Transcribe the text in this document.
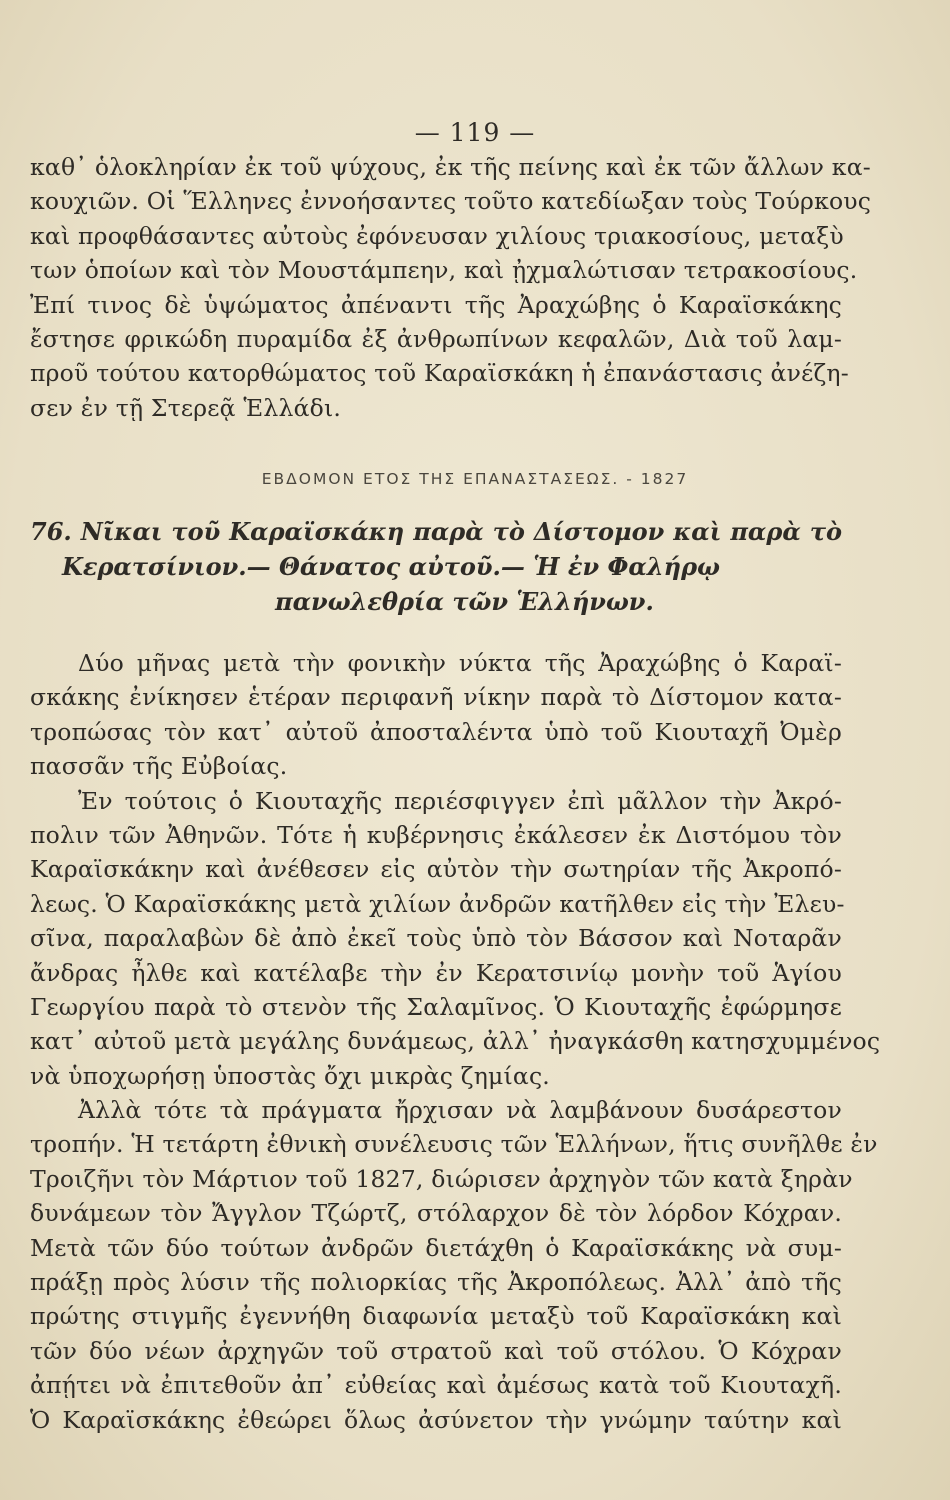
— 119 —
καθ᾽ ὁλοκληρίαν ἐκ τοῦ ψύχους, ἐκ τῆς πείνης καὶ ἐκ τῶν ἄλλων κα-
κουχιῶν. Οἱ Ἕλληνες ἐννοήσαντες τοῦτο κατεδίωξαν τοὺς Τούρκους
καὶ προφθάσαντες αὐτοὺς ἐφόνευσαν χιλίους τριακοσίους, μεταξὺ
των ὁποίων καὶ τὸν Μουστάμπεην, καὶ ᾐχμαλώτισαν τετρακοσίους.
Ἐπί τινος δὲ ὑψώματος ἀπέναντι τῆς Ἀραχώβης ὁ Καραϊσκάκης
ἔστησε φρικώδη πυραμίδα ἐξ ἀνθρωπίνων κεφαλῶν, Διὰ τοῦ λαμ-
προῦ τούτου κατορθώματος τοῦ Καραϊσκάκη ἡ ἐπανάστασις ἀνέζη-
σεν ἐν τῇ Στερεᾷ Ἑλλάδι.
ΕΒΔΟΜΟΝ ΕΤΟΣ ΤΗΣ ΕΠΑΝΑΣΤΑΣΕΩΣ. - 1827
76. Νῖκαι τοῦ Καραϊσκάκη παρὰ τὸ Δίστομον καὶ παρὰ τὸ
Κερατσίνιον.— Θάνατος αὐτοῦ.— Ἡ ἐν Φαλήρῳ
πανωλεθρία τῶν Ἑλλήνων.
Δύο μῆνας μετὰ τὴν φονικὴν νύκτα τῆς Ἀραχώβης ὁ Καραϊ-
σκάκης ἐνίκησεν ἑτέραν περιφανῆ νίκην παρὰ τὸ Δίστομον κατα-
τροπώσας τὸν κατ᾽ αὐτοῦ ἀποσταλέντα ὑπὸ τοῦ Κιουταχῆ Ὀμὲρ
πασσᾶν τῆς Εὐβοίας.
Ἐν τούτοις ὁ Κιουταχῆς περιέσφιγγεν ἐπὶ μᾶλλον τὴν Ἀκρό-
πολιν τῶν Ἀθηνῶν. Τότε ἡ κυβέρνησις ἐκάλεσεν ἐκ Διστόμου τὸν
Καραϊσκάκην καὶ ἀνέθεσεν εἰς αὐτὸν τὴν σωτηρίαν τῆς Ἀκροπό-
λεως. Ὁ Καραϊσκάκης μετὰ χιλίων ἀνδρῶν κατῆλθεν εἰς τὴν Ἐλευ-
σῖνα, παραλαβὼν δὲ ἀπὸ ἐκεῖ τοὺς ὑπὸ τὸν Βάσσον καὶ Νοταρᾶν
ἄνδρας ἦλθε καὶ κατέλαβε τὴν ἐν Κερατσινίῳ μονὴν τοῦ Ἁγίου
Γεωργίου παρὰ τὸ στενὸν τῆς Σαλαμῖνος. Ὁ Κιουταχῆς ἐφώρμησε
κατ᾽ αὐτοῦ μετὰ μεγάλης δυνάμεως, ἀλλ᾽ ἠναγκάσθη κατησχυμμένος
νὰ ὑποχωρήσῃ ὑποστὰς ὄχι μικρὰς ζημίας.
Ἀλλὰ τότε τὰ πράγματα ἤρχισαν νὰ λαμβάνουν δυσάρεστον
τροπήν. Ἡ τετάρτη ἐθνικὴ συνέλευσις τῶν Ἑλλήνων, ἥτις συνῆλθε ἐν
Τροιζῆνι τὸν Μάρτιον τοῦ 1827, διώρισεν ἀρχηγὸν τῶν κατὰ ξηρὰν
δυνάμεων τὸν Ἄγγλον Τζώρτζ, στόλαρχον δὲ τὸν λόρδον Κόχραν.
Μετὰ τῶν δύο τούτων ἀνδρῶν διετάχθη ὁ Καραϊσκάκης νὰ συμ-
πράξῃ πρὸς λύσιν τῆς πολιορκίας τῆς Ἀκροπόλεως. Ἀλλ᾽ ἀπὸ τῆς
πρώτης στιγμῆς ἐγεννήθη διαφωνία μεταξὺ τοῦ Καραϊσκάκη καὶ
τῶν δύο νέων ἀρχηγῶν τοῦ στρατοῦ καὶ τοῦ στόλου. Ὁ Κόχραν
ἀπῄτει νὰ ἐπιτεθοῦν ἀπ᾽ εὐθείας καὶ ἀμέσως κατὰ τοῦ Κιουταχῆ.
Ὁ Καραϊσκάκης ἐθεώρει ὅλως ἀσύνετον τὴν γνώμην ταύτην καὶ
